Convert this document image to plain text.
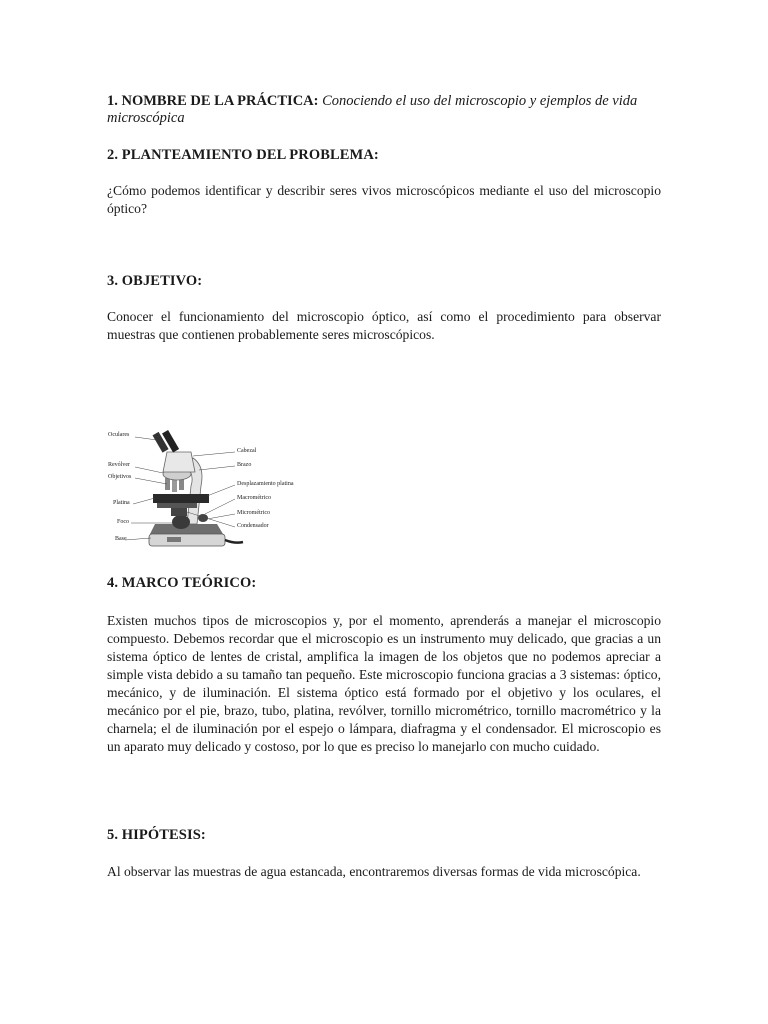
1. NOMBRE DE LA PRÁCTICA: Conociendo el uso del microscopio y ejemplos de vida
microscópica
2. PLANTEAMIENTO DEL PROBLEMA:
¿Cómo podemos identificar y describir seres vivos microscópicos mediante el uso del microscopio óptico?
3. OBJETIVO:
Conocer el funcionamiento del microscopio óptico, así como el procedimiento para observar muestras que contienen probablemente seres microscópicos.
Oculares
Revólver
Objetivos
Platina
Foco
Base
Cabezal
Brazo
Desplazamiento platina
Macrométrico
Micrométrico
Condensador
4. MARCO TEÓRICO:
Existen muchos tipos de microscopios y, por el momento, aprenderás a manejar el microscopio compuesto. Debemos recordar que el microscopio es un instrumento muy delicado, que gracias a un sistema óptico de lentes de cristal, amplifica la imagen de los objetos que no podemos apreciar a simple vista debido a su tamaño tan pequeño. Este microscopio funciona gracias a 3 sistemas: óptico, mecánico, y de iluminación. El sistema óptico está formado por el objetivo y los oculares, el mecánico por el pie, brazo, tubo, platina, revólver, tornillo micrométrico, tornillo macrométrico y la charnela; el de iluminación por el espejo o lámpara, diafragma y el condensador. El microscopio es un aparato muy delicado y costoso, por lo que es preciso lo manejarlo con mucho cuidado.
5. HIPÓTESIS:
Al observar las muestras de agua estancada, encontraremos diversas formas de vida microscópica.
